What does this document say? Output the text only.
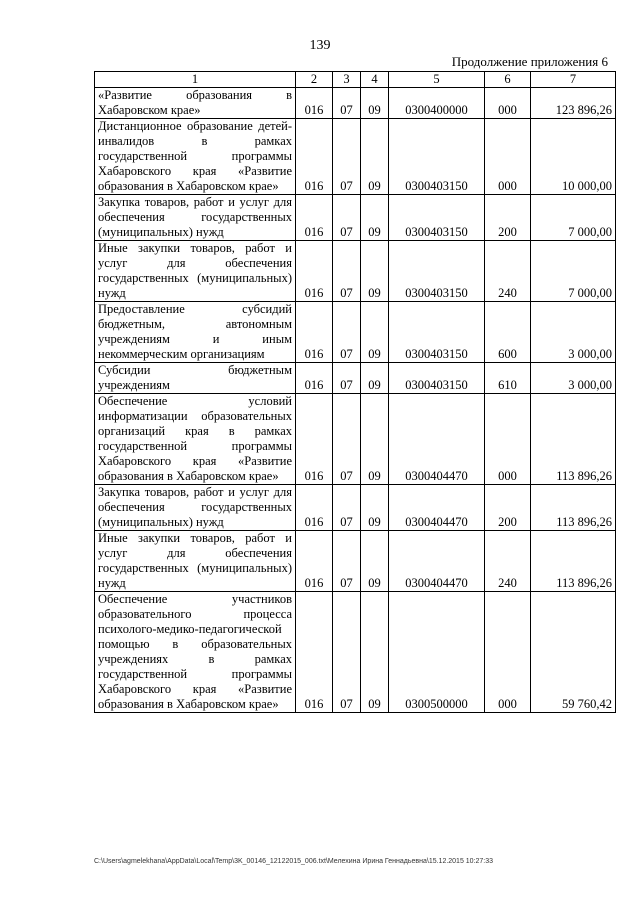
139
Продолжение приложения 6
1	2	3	4	5	6	7
«Развитие образования в Хабаровском крае»	016	07	09	0300400000	000	123 896,26
Дистанционное образование детей-инвалидов в рамках государственной программы Хабаровского края «Развитие образования в Хабаровском крае»	016	07	09	0300403150	000	10 000,00
Закупка товаров, работ и услуг для обеспечения государственных (муниципальных) нужд	016	07	09	0300403150	200	7 000,00
Иные закупки товаров, работ и услуг для обеспечения государственных (муниципальных) нужд	016	07	09	0300403150	240	7 000,00
Предоставление субсидий бюджетным, автономным учреждениям и иным некоммерческим организациям	016	07	09	0300403150	600	3 000,00
Субсидии бюджетным учреждениям	016	07	09	0300403150	610	3 000,00
Обеспечение условий информатизации образовательных организаций края в рамках государственной программы Хабаровского края «Развитие образования в Хабаровском крае»	016	07	09	0300404470	000	113 896,26
Закупка товаров, работ и услуг для обеспечения государственных (муниципальных) нужд	016	07	09	0300404470	200	113 896,26
Иные закупки товаров, работ и услуг для обеспечения государственных (муниципальных) нужд	016	07	09	0300404470	240	113 896,26
Обеспечение участников образовательного процесса психолого-медико-педагогической помощью в образовательных учреждениях в рамках государственной программы Хабаровского края «Развитие образования в Хабаровском крае»	016	07	09	0300500000	000	59 760,42
C:\Users\agmelekhana\AppData\Local\Temp\3K_00146_12122015_006.txt\Мелехина Ирина Геннадьевна\15.12.2015 10:27:33
